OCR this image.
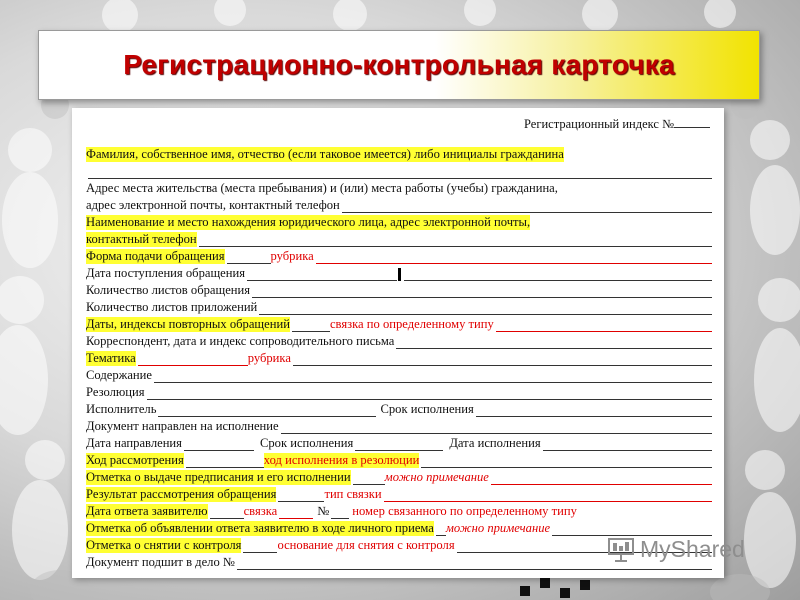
Регистрационно-контрольная карточка
Регистрационный индекс №
Фамилия, собственное имя, отчество (если таковое имеется) либо инициалы гражданина
Адрес места жительства (места пребывания) и (или) места работы (учебы) гражданина,
адрес электронной почты, контактный телефон
Наименование и место нахождения юридического лица, адрес электронной почты,
контактный телефон
Форма подачи обращения	рубрика
Дата поступления обращения
Количество листов обращения
Количество листов приложений
Даты, индексы повторных обращений	связка по определенному типу
Корреспондент, дата и индекс сопроводительного письма
Тематика	рубрика
Содержание
Резолюция
Исполнитель	Срок исполнения
Документ направлен на исполнение
Дата направления	Срок исполнения	Дата исполнения
Ход рассмотрения	ход исполнения в резолюции
Отметка о выдаче предписания и его исполнении	можно примечание
Результат рассмотрения обращения	тип связки
Дата ответа заявителю	связка	№ номер связанного по определенному типу
Отметка об объявлении ответа заявителю в ходе личного приема можно примечание
Отметка о снятии с контроля	основание для снятия с контроля
Документ подшит в дело №	MyShared
